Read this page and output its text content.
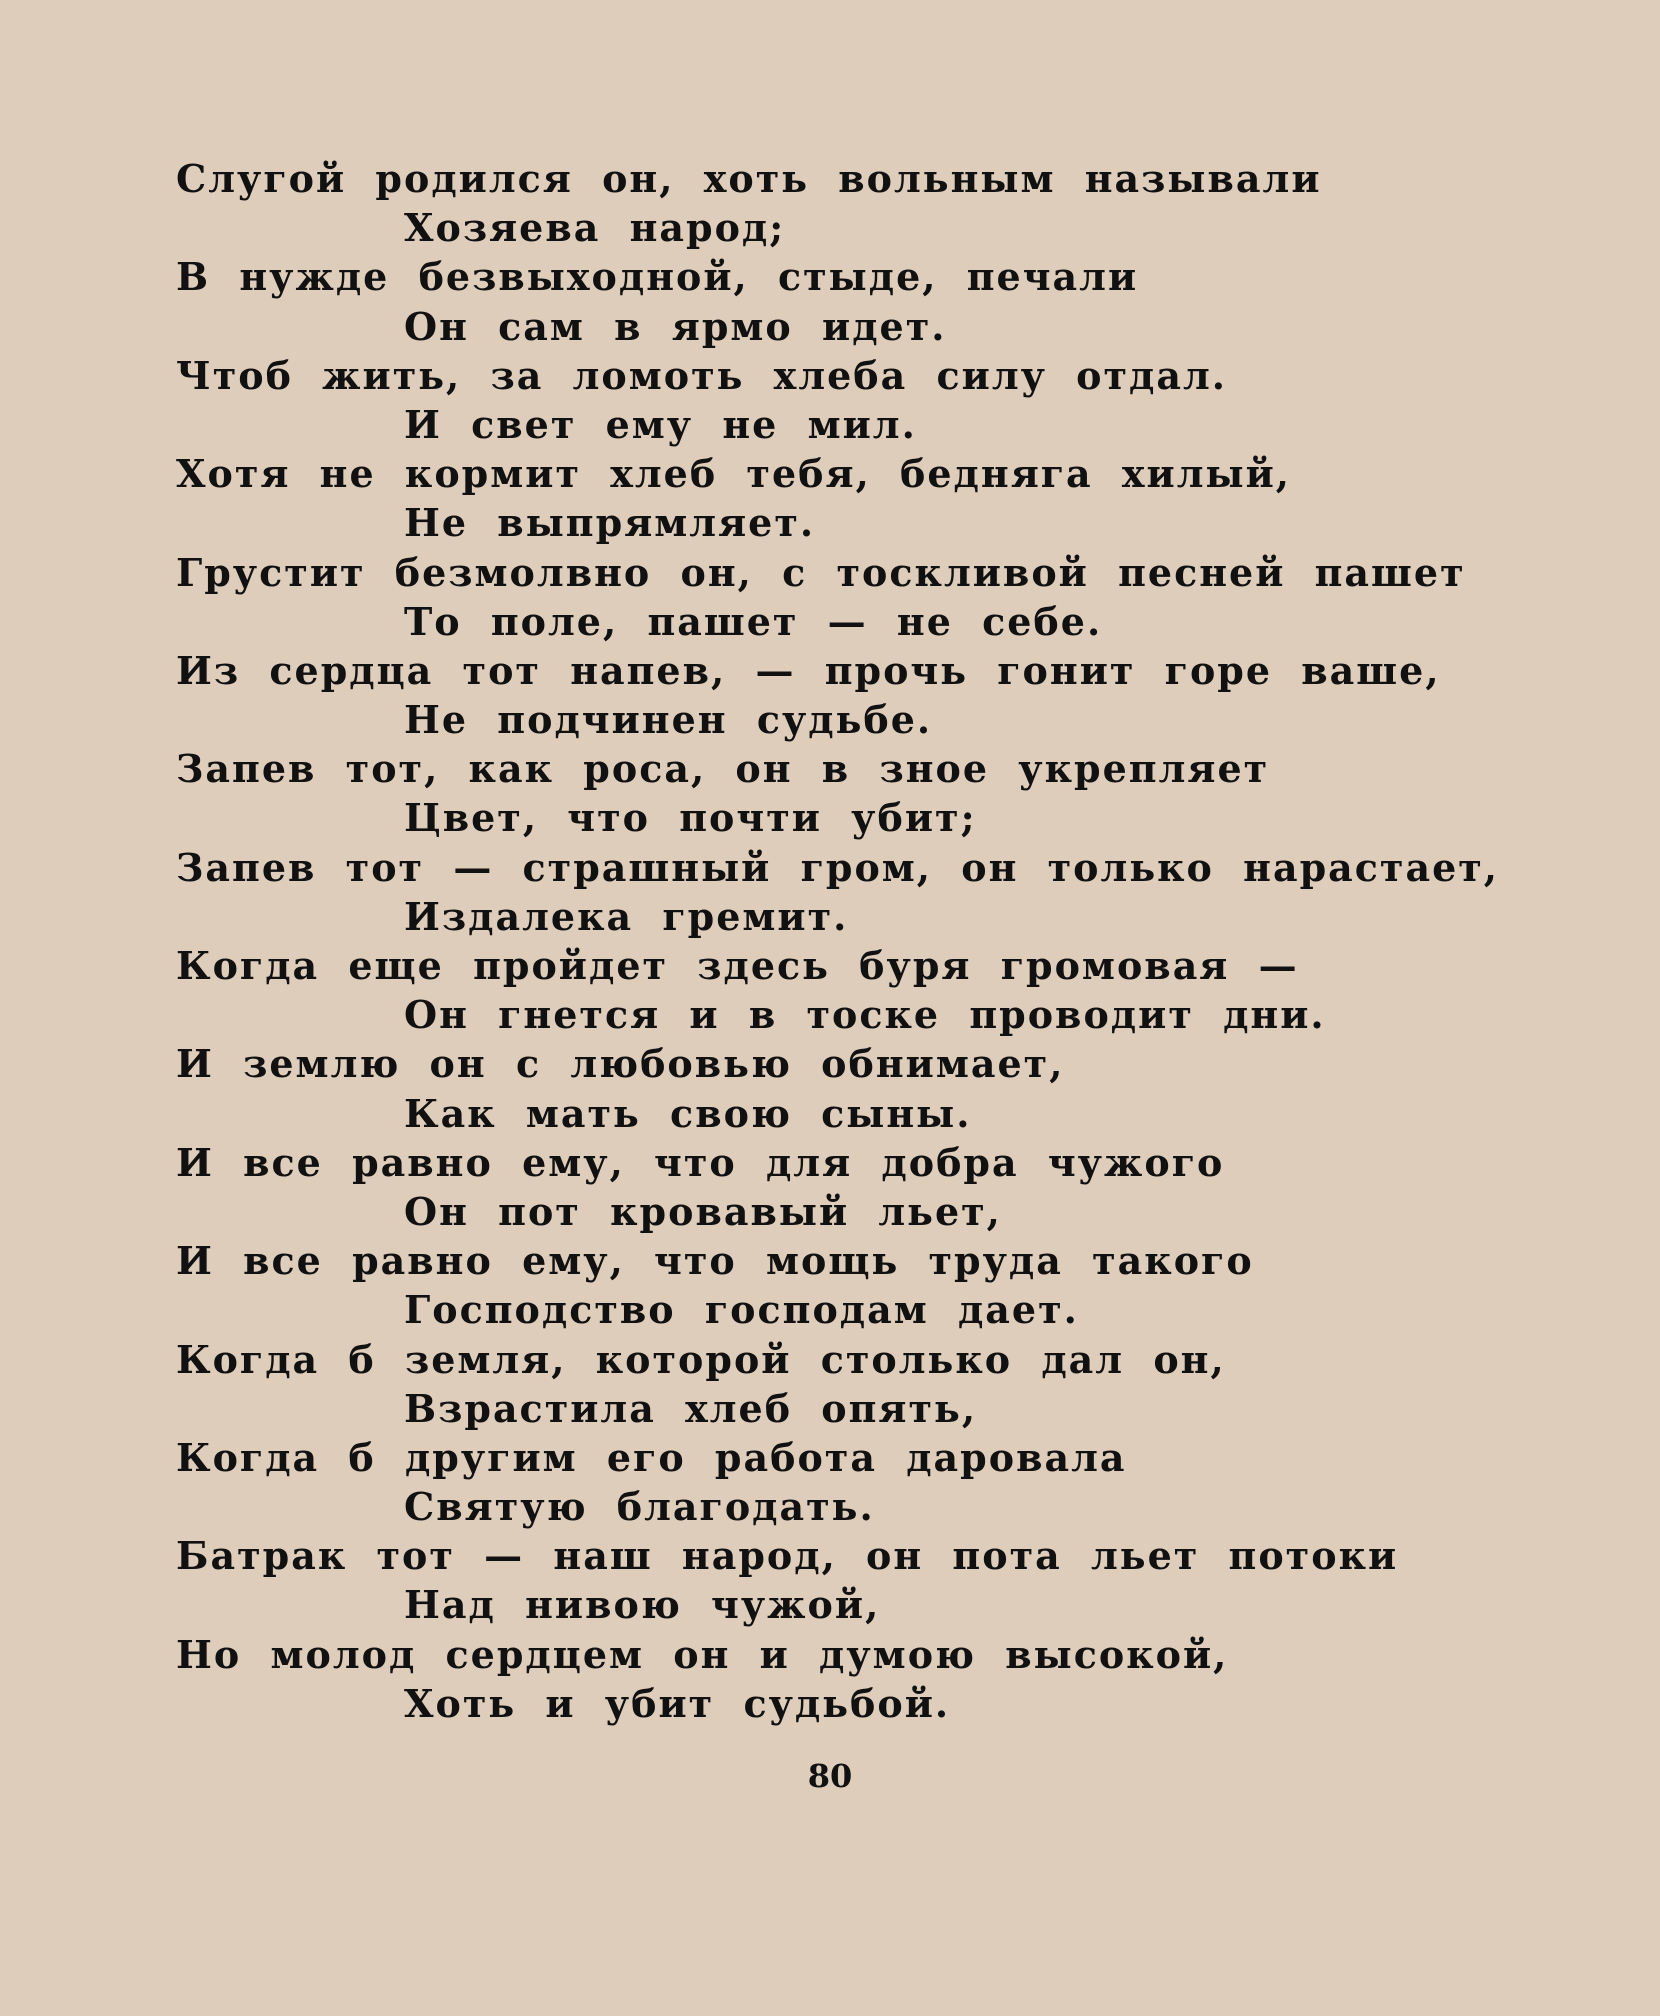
Слугой родился он, хоть вольным называли
Хозяева народ;
В нужде безвыходной, стыде, печали
Он сам в ярмо идет.
Чтоб жить, за ломоть хлеба силу отдал.
И свет ему не мил.
Хотя не кормит хлеб тебя, бедняга хилый,
Не выпрямляет.
Грустит безмолвно он, с тоскливой песней пашет
То поле, пашет — не себе.
Из сердца тот напев, — прочь гонит горе ваше,
Не подчинен судьбе.
Запев тот, как роса, он в зное укрепляет
Цвет, что почти убит;
Запев тот — страшный гром, он только нарастает,
Издалека гремит.
Когда еще пройдет здесь буря громовая —
Он гнется и в тоске проводит дни.
И землю он с любовью обнимает,
Как мать свою сыны.
И все равно ему, что для добра чужого
Он пот кровавый льет,
И все равно ему, что мощь труда такого
Господство господам дает.
Когда б земля, которой столько дал он,
Взрастила хлеб опять,
Когда б другим его работа даровала
Святую благодать.
Батрак тот — наш народ, он пота льет потоки
Над нивою чужой,
Но молод сердцем он и думою высокой,
Хоть и убит судьбой.
80
